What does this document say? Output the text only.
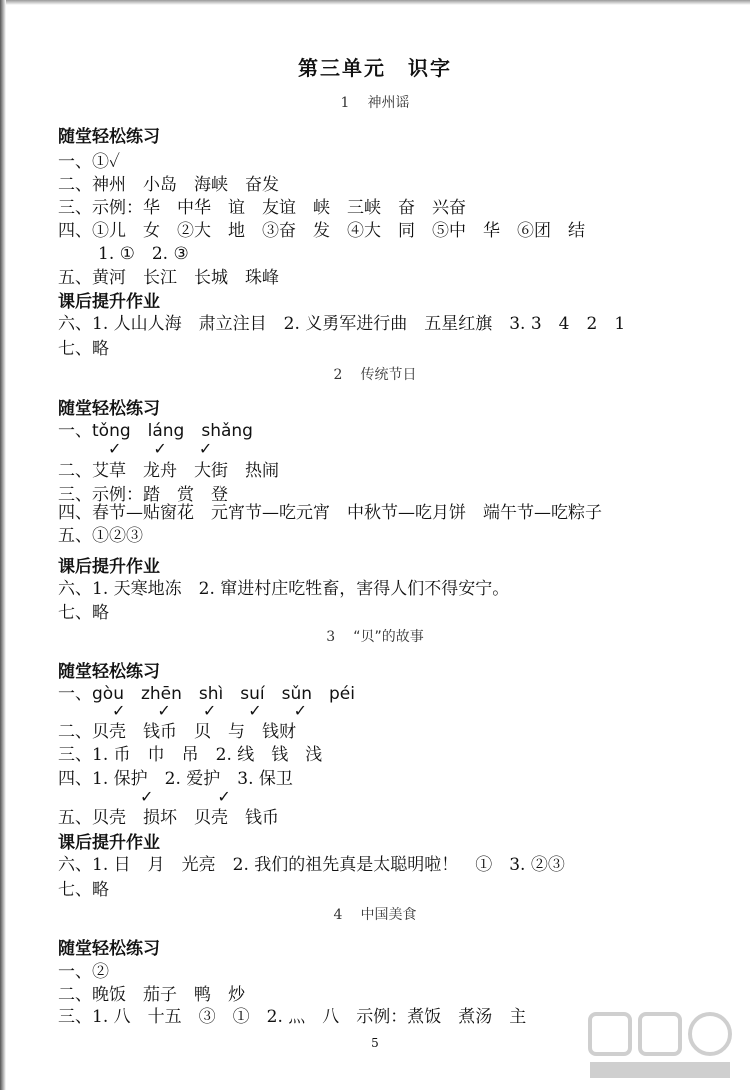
第三单元　识字
1 神州谣
随堂轻松练习
一、①✓
二、神州　小岛　海峡　奋发
三、示例：华　中华　谊　友谊　峡　三峡　奋　兴奋
四、①儿　女　②大　地　③奋　发　④大　同　⑤中　华　⑥团　结
1. ①　2. ③
五、黄河　长江　长城　珠峰
课后提升作业
六、1. 人山人海　肃立注目　2. 义勇军进行曲　五星红旗　3. 3　4　2　1
七、略
2 传统节日
随堂轻松练习
一、tǒng　láng　shǎng
✓　　✓　　✓
二、艾草　龙舟　大街　热闹
三、示例：踏　赏　登
四、春节—贴窗花　元宵节—吃元宵　中秋节—吃月饼　端午节—吃粽子
五、①②③
课后提升作业
六、1. 天寒地冻　2. 窜进村庄吃牲畜，害得人们不得安宁。
七、略
3 “贝”的故事
随堂轻松练习
一、gòu　zhēn　shì　suí　sǔn　péi
✓　　✓　　✓　　✓　　✓
二、贝壳　钱币　贝　与　钱财
三、1. 币　巾　吊　2. 线　钱　浅
四、1. 保护　2. 爱护　3. 保卫
✓　　　　✓
五、贝壳　损坏　贝壳　钱币
课后提升作业
六、1. 日　月　光亮　2. 我们的祖先真是太聪明啦！　①　3. ②③
七、略
4 中国美食
随堂轻松练习
一、②
二、晚饭　茄子　鸭　炒
三、1. 八　十五　③　①　2. 灬　八　示例：煮饭　煮汤　主
5
